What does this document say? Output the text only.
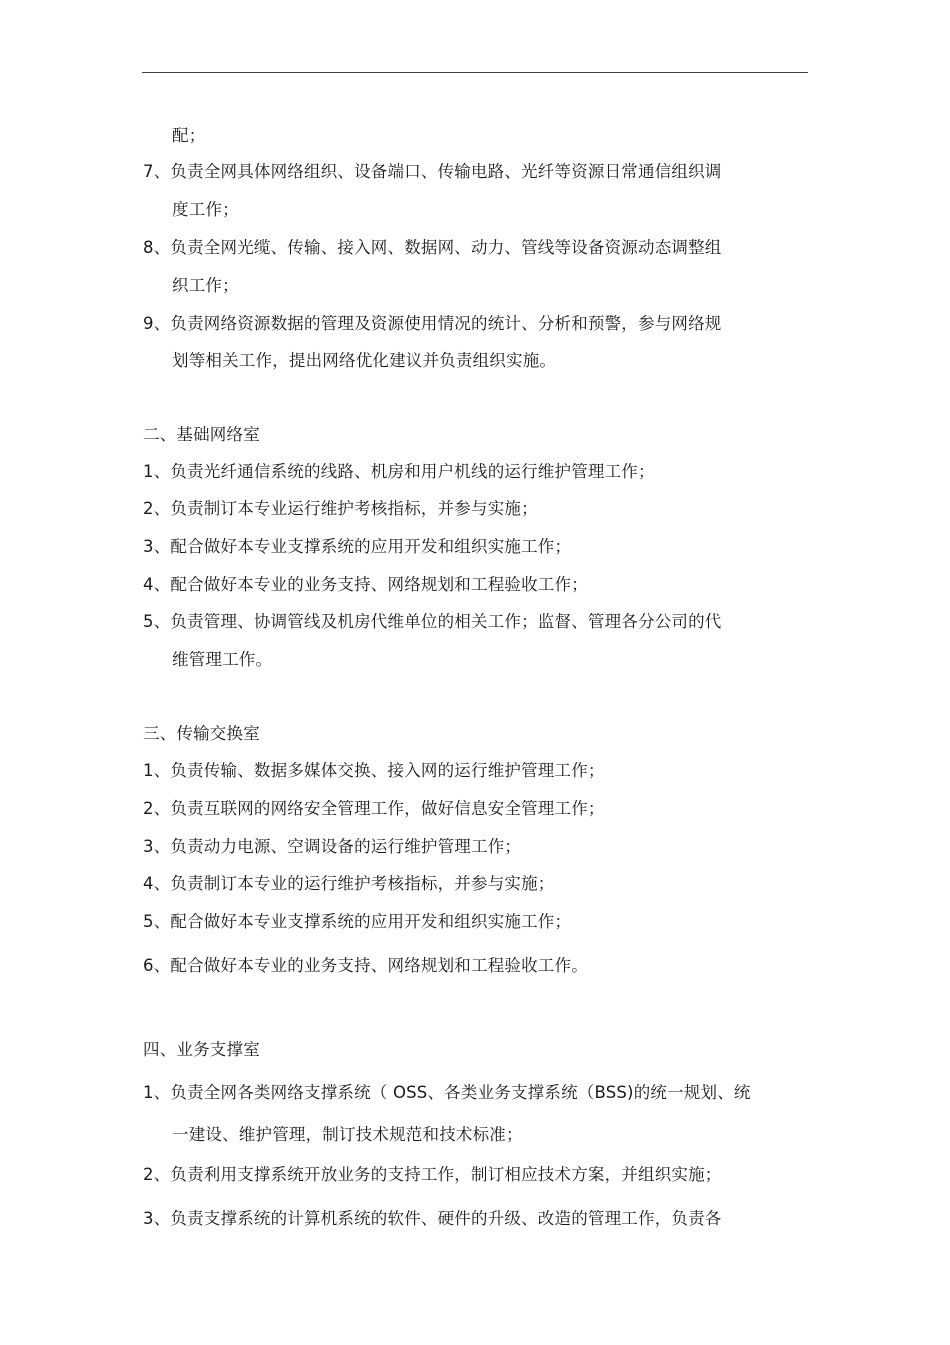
配；
7、负责全网具体网络组织、设备端口、传输电路、光纤等资源日常通信组织调
度工作；
8、负责全网光缆、传输、接入网、数据网、动力、管线等设备资源动态调整组
织工作；
9、负责网络资源数据的管理及资源使用情况的统计、分析和预警，参与网络规
划等相关工作，提出网络优化建议并负责组织实施。
二、基础网络室
1、负责光纤通信系统的线路、机房和用户机线的运行维护管理工作；
2、负责制订本专业运行维护考核指标，并参与实施；
3、配合做好本专业支撑系统的应用开发和组织实施工作；
4、配合做好本专业的业务支持、网络规划和工程验收工作；
5、负责管理、协调管线及机房代维单位的相关工作；监督、管理各分公司的代
维管理工作。
三、传输交换室
1、负责传输、数据多媒体交换、接入网的运行维护管理工作；
2、负责互联网的网络安全管理工作，做好信息安全管理工作；
3、负责动力电源、空调设备的运行维护管理工作；
4、负责制订本专业的运行维护考核指标，并参与实施；
5、配合做好本专业支撑系统的应用开发和组织实施工作；
6、配合做好本专业的业务支持、网络规划和工程验收工作。
四、业务支撑室
1、负责全网各类网络支撑系统（ OSS、各类业务支撑系统（BSS)的统一规划、统
一建设、维护管理，制订技术规范和技术标准；
2、负责利用支撑系统开放业务的支持工作，制订相应技术方案，并组织实施；
3、负责支撑系统的计算机系统的软件、硬件的升级、改造的管理工作，负责各
